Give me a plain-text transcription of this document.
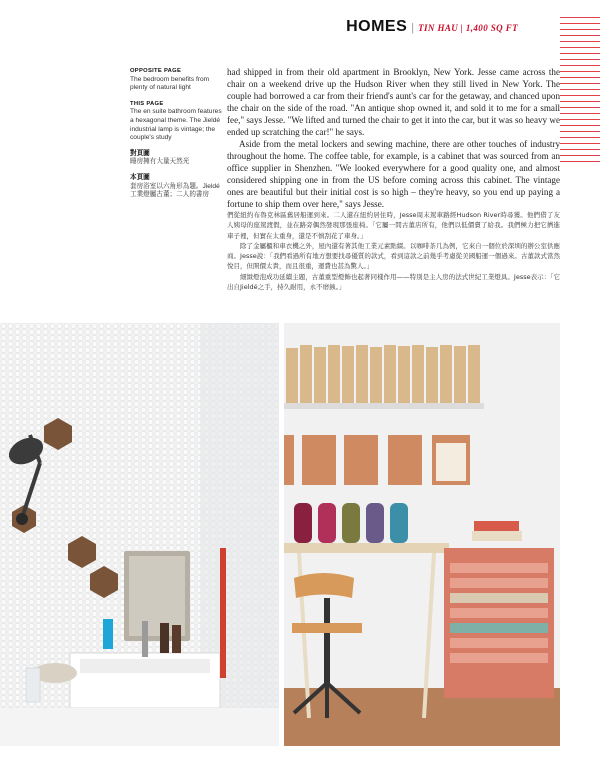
HOMES | TIN HAU | 1,400 SQ FT
OPPOSITE PAGE
The bedroom benefits from plenty of natural light
THIS PAGE
The en suite bathroom features a hexagonal theme. The Jieldé industrial lamp is vintage; the couple's study
對頁圖
睡房擁有大量天然光
本頁圖
套房浴室以六角形為題。Jieldé工業燈屬古董；二人的書房

had shipped in from their old apartment in Brooklyn, New York. Jesse came across the chair on a weekend drive up the Hudson River when they still lived in New York. The couple had borrowed a car from their friend's aunt's car for the getaway, and chanced upon the chair on the side of the road. "An antique shop owned it, and sold it to me for a small fee," says Jesse. "We lifted and turned the chair to get it into the car, but it was so heavy we ended up scratching the car!" he says.

Aside from the metal lockers and sewing machine, there are other touches of industry throughout the home. The coffee table, for example, is a cabinet that was sourced from an office supplier in Shenzhen. "We looked everywhere for a good quality one, and almost considered shipping one in from the US before coming across this cabinet. The vintage ones are beautiful but their initial cost is so high – they're heavy, so you end up paying a fortune to ship them over here," says Jesse.

們從紐約布魯克林區舊居船運到來。二人還在紐約居住時，Jesse周末駕車路經Hudson River時尋獲。他們借了友人姨母的座駕渡假，並在路旁偶然發現那張座椅。「它屬一間古董店所有，他們以低價賣了給我。我們極力把它擠進車子裡，但實在太重身，還是不慎刮花了車身。」

除了金屬櫃和車衣機之外，屋內還有著其他工業元素點綴。以咖啡茶几為例，它來自一個位於深圳的辦公室供應商。Jesse說：「我們看過所有地方想要找尋優質的款式，看到這款之前幾乎考慮從美國船運一個過來。古董款式當然悅目，但開價太貴，而且很重，運費也甚為驚人。」

細緻燈泡成功延續主題，古董重型燈飾也起著同樣作用——特別是主人房的法式世紀工業燈具。Jesse表示：「它出自Jieldé之手，持久耐用，永不磨蝕。」
